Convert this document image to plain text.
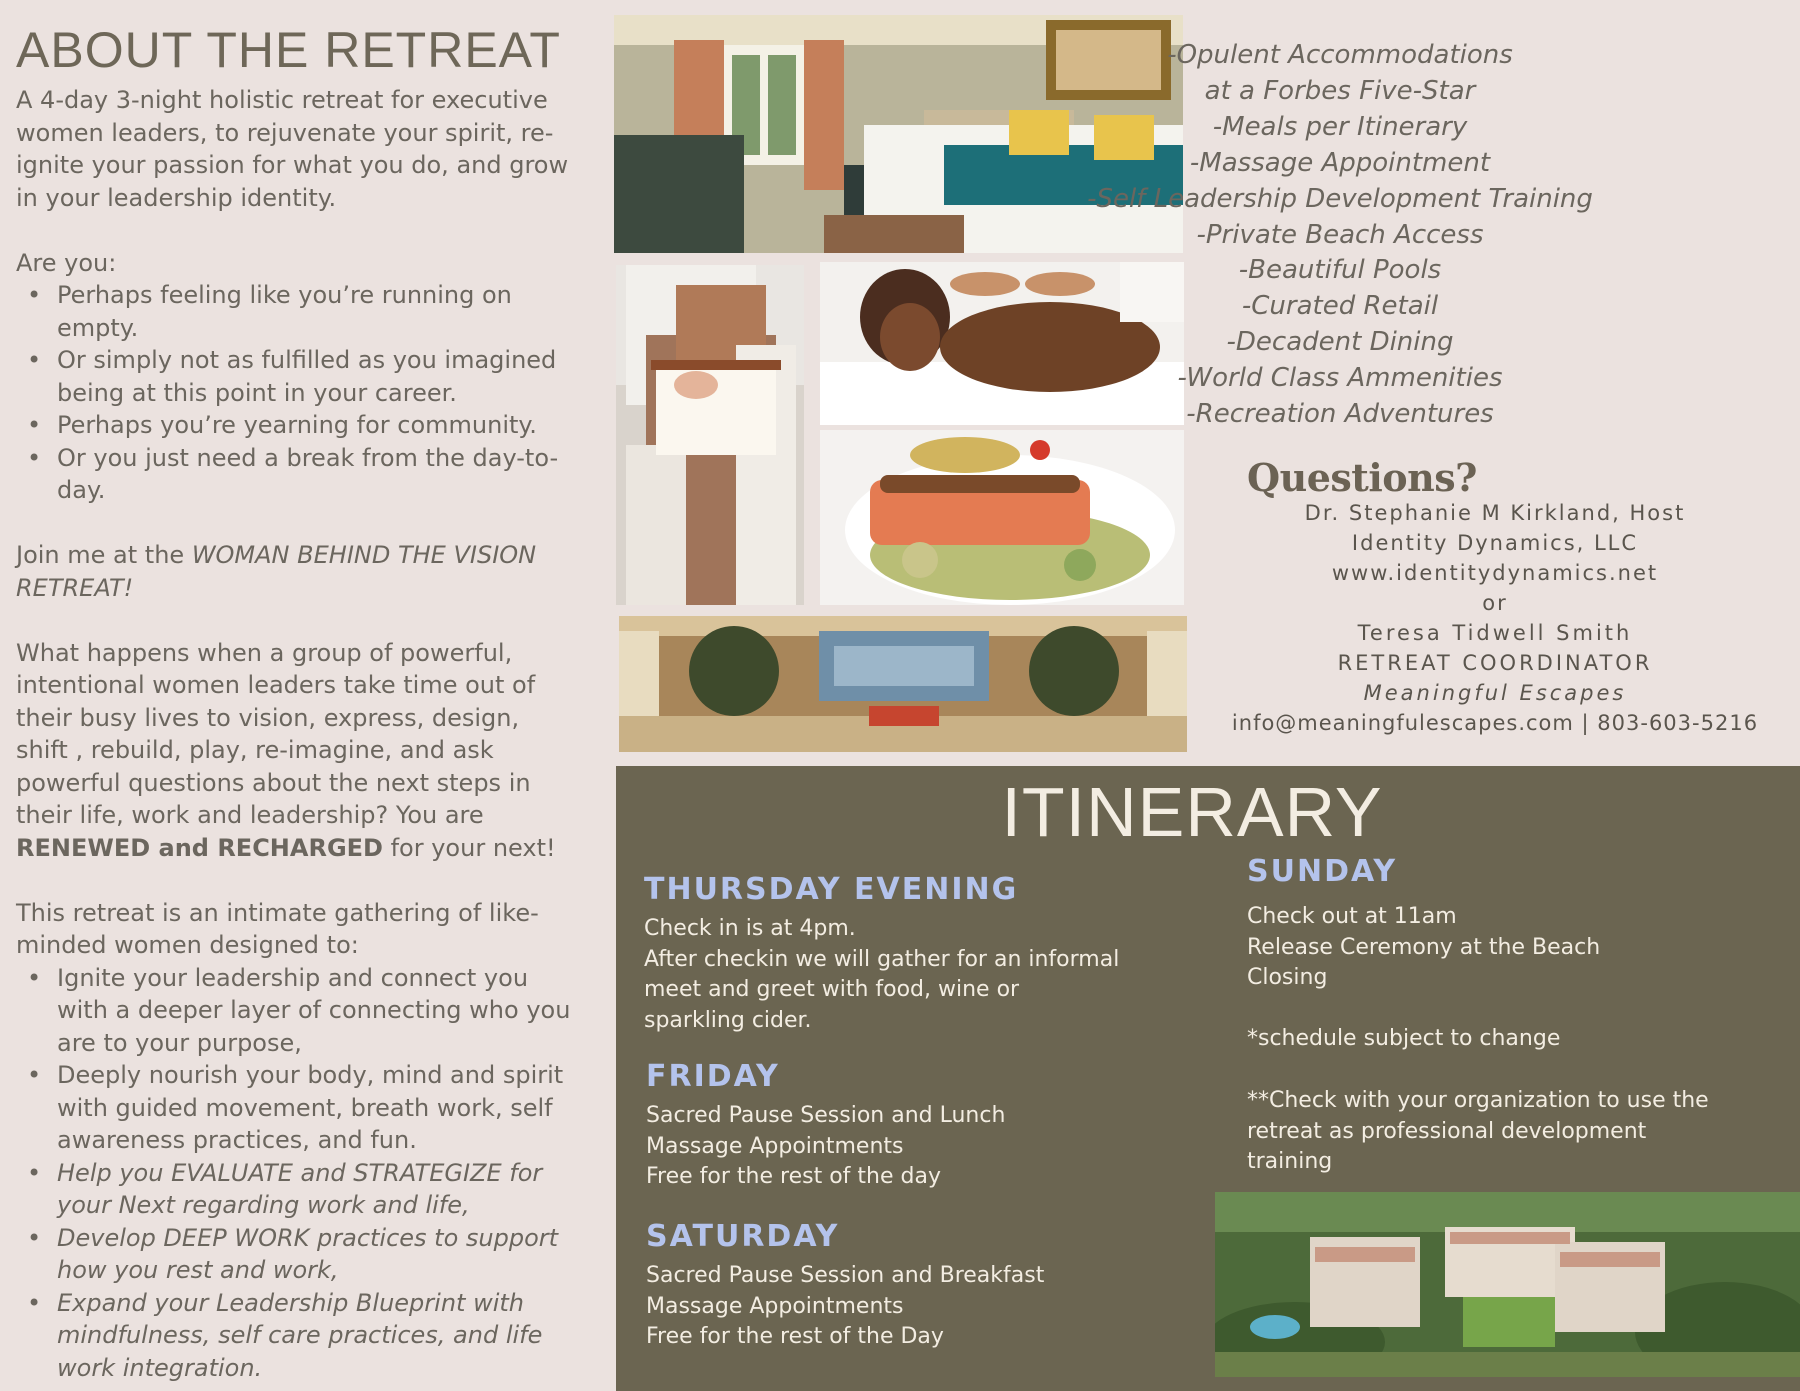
ABOUT THE RETREAT

A 4-day 3-night holistic retreat for executive women leaders, to rejuvenate your spirit, re-ignite your passion for what you do, and grow in your leadership identity.

Are you:

• Perhaps feeling like you’re running on empty.
• Or simply not as fulfilled as you imagined being at this point in your career.
• Perhaps you’re yearning for community.
• Or you just need a break from the day-to-day.

Join me at the WOMAN BEHIND THE VISION RETREAT!

What happens when a group of powerful, intentional women leaders take time out of their busy lives to vision, express, design, shift , rebuild, play, re-imagine, and ask powerful questions about the next steps in their life, work and leadership? You are RENEWED and RECHARGED for your next!

This retreat is an intimate gathering of like-minded women designed to:

• Ignite your leadership and connect you with a deeper layer of connecting who you are to your purpose,
• Deeply nourish your body, mind and spirit with guided movement, breath work, self awareness practices, and fun.
• Help you EVALUATE and STRATEGIZE for your Next regarding work and life,
• Develop DEEP WORK practices to support how you rest and work,
• Expand your Leadership Blueprint with mindfulness, self care practices, and life work integration.
-Opulent Accommodations
at a Forbes Five-Star
-Meals per Itinerary
-Massage Appointment
-Self Leadership Development Training
-Private Beach Access
-Beautiful Pools
-Curated Retail
-Decadent Dining
-World Class Ammenities
-Recreation Adventures
Questions?
Dr. Stephanie M Kirkland, Host
Identity Dynamics, LLC
www.identitydynamics.net
or
Teresa Tidwell Smith
RETREAT COORDINATOR
Meaningful Escapes
info@meaningfulescapes.com | 803-603-5216
ITINERARY
THURSDAY EVENING
Check in is at 4pm.
After checkin we will gather for an informal
meet and greet with food, wine or
sparkling cider.
FRIDAY
Sacred Pause Session and Lunch
Massage Appointments
Free for the rest of the day
SATURDAY
Sacred Pause Session and Breakfast
Massage Appointments
Free for the rest of the Day
SUNDAY
Check out at 11am
Release Ceremony at the Beach
Closing
*schedule subject to change
**Check with your organization to use the
retreat as professional development
training
